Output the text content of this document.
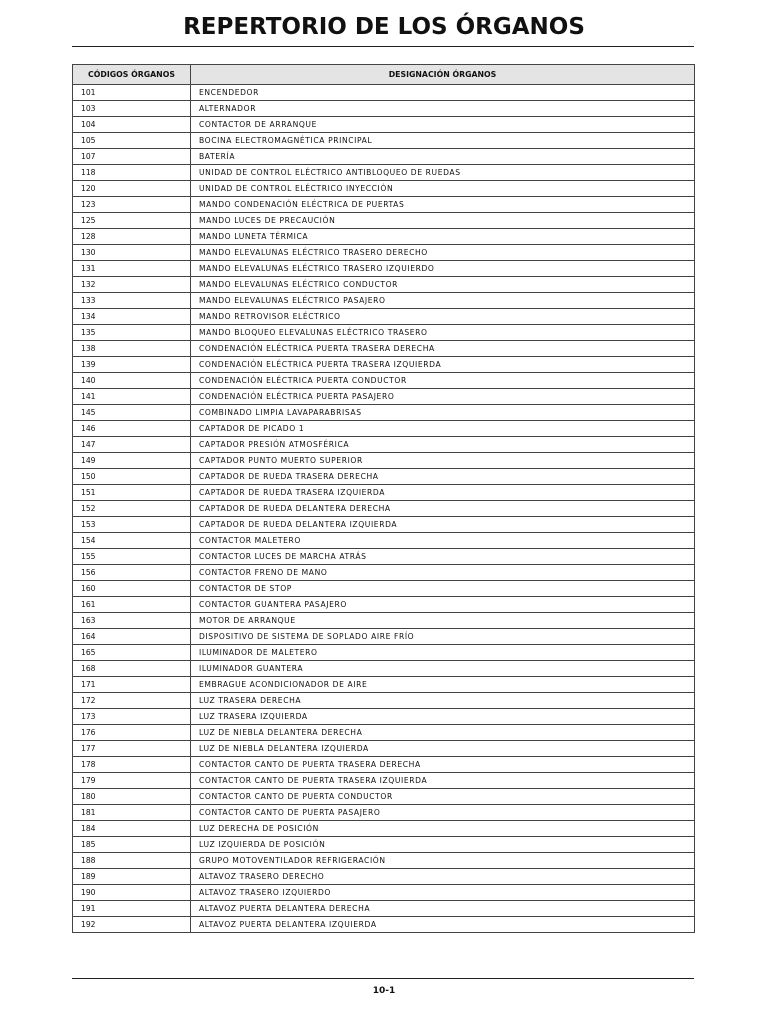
REPERTORIO DE LOS ÓRGANOS
CÓDIGOS ÓRGANOS	DESIGNACIÓN ÓRGANOS
101	ENCENDEDOR
103	ALTERNADOR
104	CONTACTOR DE ARRANQUE
105	BOCINA ELECTROMAGNÉTICA PRINCIPAL
107	BATERÍA
118	UNIDAD DE CONTROL ELÉCTRICO ANTIBLOQUEO DE RUEDAS
120	UNIDAD DE CONTROL ELÉCTRICO INYECCIÓN
123	MANDO CONDENACIÓN ELÉCTRICA DE PUERTAS
125	MANDO LUCES DE PRECAUCIÓN
128	MANDO LUNETA TÉRMICA
130	MANDO ELEVALUNAS ELÉCTRICO TRASERO DERECHO
131	MANDO ELEVALUNAS ELÉCTRICO TRASERO IZQUIERDO
132	MANDO ELEVALUNAS ELÉCTRICO CONDUCTOR
133	MANDO ELEVALUNAS ELÉCTRICO PASAJERO
134	MANDO RETROVISOR ELÉCTRICO
135	MANDO BLOQUEO ELEVALUNAS ELÉCTRICO TRASERO
138	CONDENACIÓN ELÉCTRICA PUERTA TRASERA DERECHA
139	CONDENACIÓN ELÉCTRICA PUERTA TRASERA IZQUIERDA
140	CONDENACIÓN ELÉCTRICA PUERTA CONDUCTOR
141	CONDENACIÓN ELÉCTRICA PUERTA PASAJERO
145	COMBINADO LIMPIA LAVAPARABRISAS
146	CAPTADOR DE PICADO 1
147	CAPTADOR PRESIÓN ATMOSFÉRICA
149	CAPTADOR PUNTO MUERTO SUPERIOR
150	CAPTADOR DE RUEDA TRASERA DERECHA
151	CAPTADOR DE RUEDA TRASERA IZQUIERDA
152	CAPTADOR DE RUEDA DELANTERA DERECHA
153	CAPTADOR DE RUEDA DELANTERA IZQUIERDA
154	CONTACTOR MALETERO
155	CONTACTOR LUCES DE MARCHA ATRÁS
156	CONTACTOR FRENO DE MANO
160	CONTACTOR DE STOP
161	CONTACTOR GUANTERA PASAJERO
163	MOTOR DE ARRANQUE
164	DISPOSITIVO DE SISTEMA DE SOPLADO AIRE FRÍO
165	ILUMINADOR DE MALETERO
168	ILUMINADOR GUANTERA
171	EMBRAGUE ACONDICIONADOR DE AIRE
172	LUZ TRASERA DERECHA
173	LUZ TRASERA IZQUIERDA
176	LUZ DE NIEBLA DELANTERA DERECHA
177	LUZ DE NIEBLA DELANTERA IZQUIERDA
178	CONTACTOR CANTO DE PUERTA TRASERA DERECHA
179	CONTACTOR CANTO DE PUERTA TRASERA IZQUIERDA
180	CONTACTOR CANTO DE PUERTA CONDUCTOR
181	CONTACTOR CANTO DE PUERTA PASAJERO
184	LUZ DERECHA DE POSICIÓN
185	LUZ IZQUIERDA DE POSICIÓN
188	GRUPO MOTOVENTILADOR REFRIGERACIÓN
189	ALTAVOZ TRASERO DERECHO
190	ALTAVOZ TRASERO IZQUIERDO
191	ALTAVOZ PUERTA DELANTERA DERECHA
192	ALTAVOZ PUERTA DELANTERA IZQUIERDA

10-1
